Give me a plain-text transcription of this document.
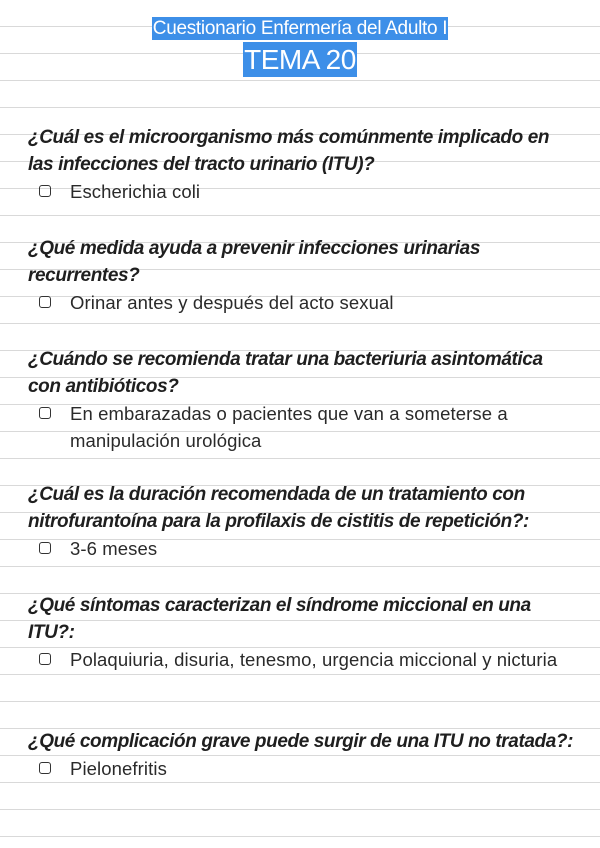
Cuestionario Enfermería del Adulto I
TEMA 20
¿Cuál es el microorganismo más comúnmente implicado en las infecciones del tracto urinario (ITU)?
Escherichia coli
¿Qué medida ayuda a prevenir infecciones urinarias recurrentes?
Orinar antes y después del acto sexual
¿Cuándo se recomienda tratar una bacteriuria asintomática con antibióticos?
En embarazadas o pacientes que van a someterse a manipulación urológica
¿Cuál es la duración recomendada de un tratamiento con nitrofurantoína para la profilaxis de cistitis de repetición?:
3-6 meses
¿Qué síntomas caracterizan el síndrome miccional en una ITU?:
Polaquiuria, disuria, tenesmo, urgencia miccional y nicturia
¿Qué complicación grave puede surgir de una ITU no tratada?:
Pielonefritis
